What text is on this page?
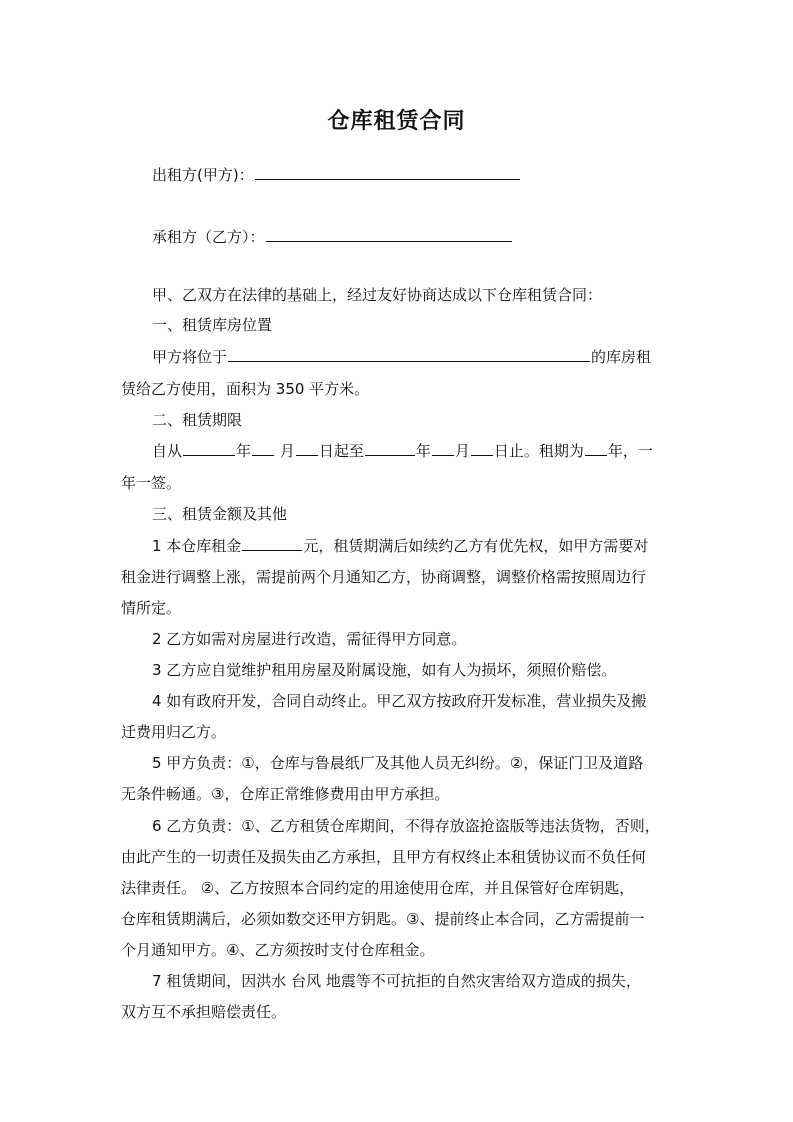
仓库租赁合同
出租方(甲方)：
承租方（乙方）：
甲、乙双方在法律的基础上，经过友好协商达成以下仓库租赁合同：
一、租赁库房位置
甲方将位于	的库房租
赁给乙方使用，面积为 350 平方米。
二、租赁期限
自从	年 月 日起至	年 月 日止。租期为 年，一
年一签。
三、租赁金额及其他
1 本仓库租金	元，租赁期满后如续约乙方有优先权，如甲方需要对
租金进行调整上涨，需提前两个月通知乙方，协商调整，调整价格需按照周边行
情所定。
2 乙方如需对房屋进行改造，需征得甲方同意。
3 乙方应自觉维护租用房屋及附属设施，如有人为损坏，须照价赔偿。
4 如有政府开发，合同自动终止。甲乙双方按政府开发标准，营业损失及搬
迁费用归乙方。
5 甲方负责：①，仓库与鲁晨纸厂及其他人员无纠纷。②，保证门卫及道路
无条件畅通。③，仓库正常维修费用由甲方承担。
6 乙方负责：①、乙方租赁仓库期间，不得存放盗抢盗版等违法货物，否则，
由此产生的一切责任及损失由乙方承担，且甲方有权终止本租赁协议而不负任何
法律责任。 ②、乙方按照本合同约定的用途使用仓库，并且保管好仓库钥匙，
仓库租赁期满后，必须如数交还甲方钥匙。③、提前终止本合同，乙方需提前一
个月通知甲方。④、乙方须按时支付仓库租金。
7 租赁期间，因洪水 台风 地震等不可抗拒的自然灾害给双方造成的损失，
双方互不承担赔偿责任。
